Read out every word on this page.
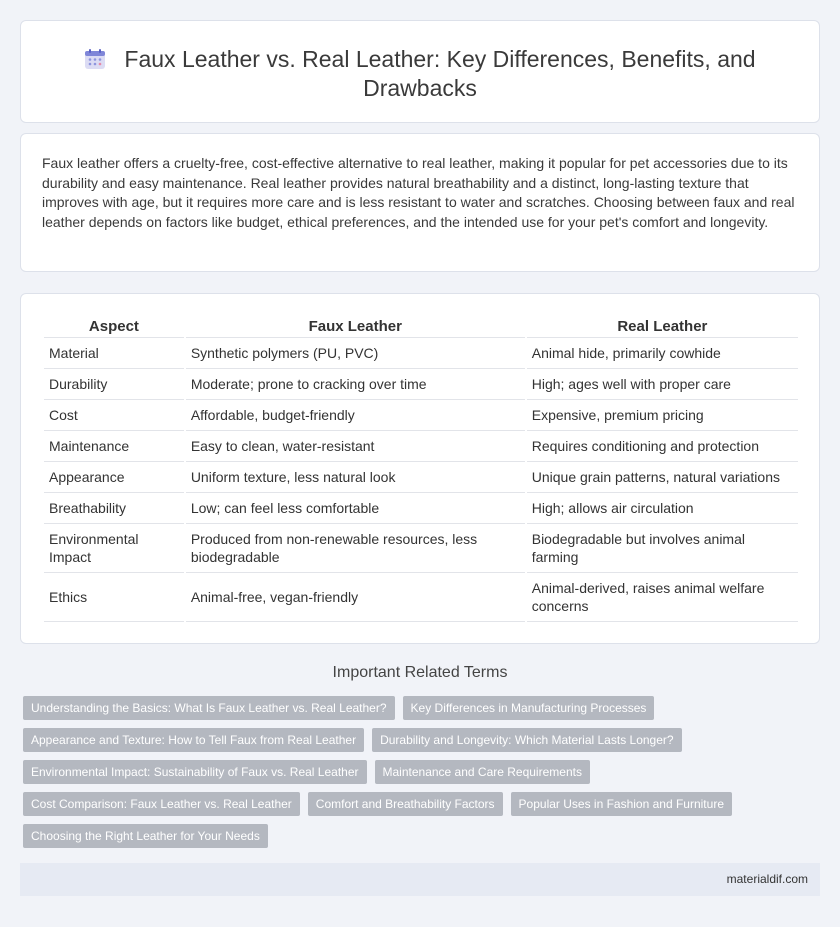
Faux Leather vs. Real Leather: Key Differences, Benefits, and Drawbacks

Faux leather offers a cruelty-free, cost-effective alternative to real leather, making it popular for pet accessories due to its durability and easy maintenance. Real leather provides natural breathability and a distinct, long-lasting texture that improves with age, but it requires more care and is less resistant to water and scratches. Choosing between faux and real leather depends on factors like budget, ethical preferences, and the intended use for your pet's comfort and longevity.

Aspect	Faux Leather	Real Leather
Material	Synthetic polymers (PU, PVC)	Animal hide, primarily cowhide
Durability	Moderate; prone to cracking over time	High; ages well with proper care
Cost	Affordable, budget-friendly	Expensive, premium pricing
Maintenance	Easy to clean, water-resistant	Requires conditioning and protection
Appearance	Uniform texture, less natural look	Unique grain patterns, natural variations
Breathability	Low; can feel less comfortable	High; allows air circulation
Environmental Impact	Produced from non-renewable resources, less biodegradable	Biodegradable but involves animal farming
Ethics	Animal-free, vegan-friendly	Animal-derived, raises animal welfare concerns
Important Related Terms
Understanding the Basics: What Is Faux Leather vs. Real Leather?	Key Differences in Manufacturing Processes
Appearance and Texture: How to Tell Faux from Real Leather	Durability and Longevity: Which Material Lasts Longer?
Environmental Impact: Sustainability of Faux vs. Real Leather	Maintenance and Care Requirements
Cost Comparison: Faux Leather vs. Real Leather	Comfort and Breathability Factors	Popular Uses in Fashion and Furniture
Choosing the Right Leather for Your Needs
materialdif.com
